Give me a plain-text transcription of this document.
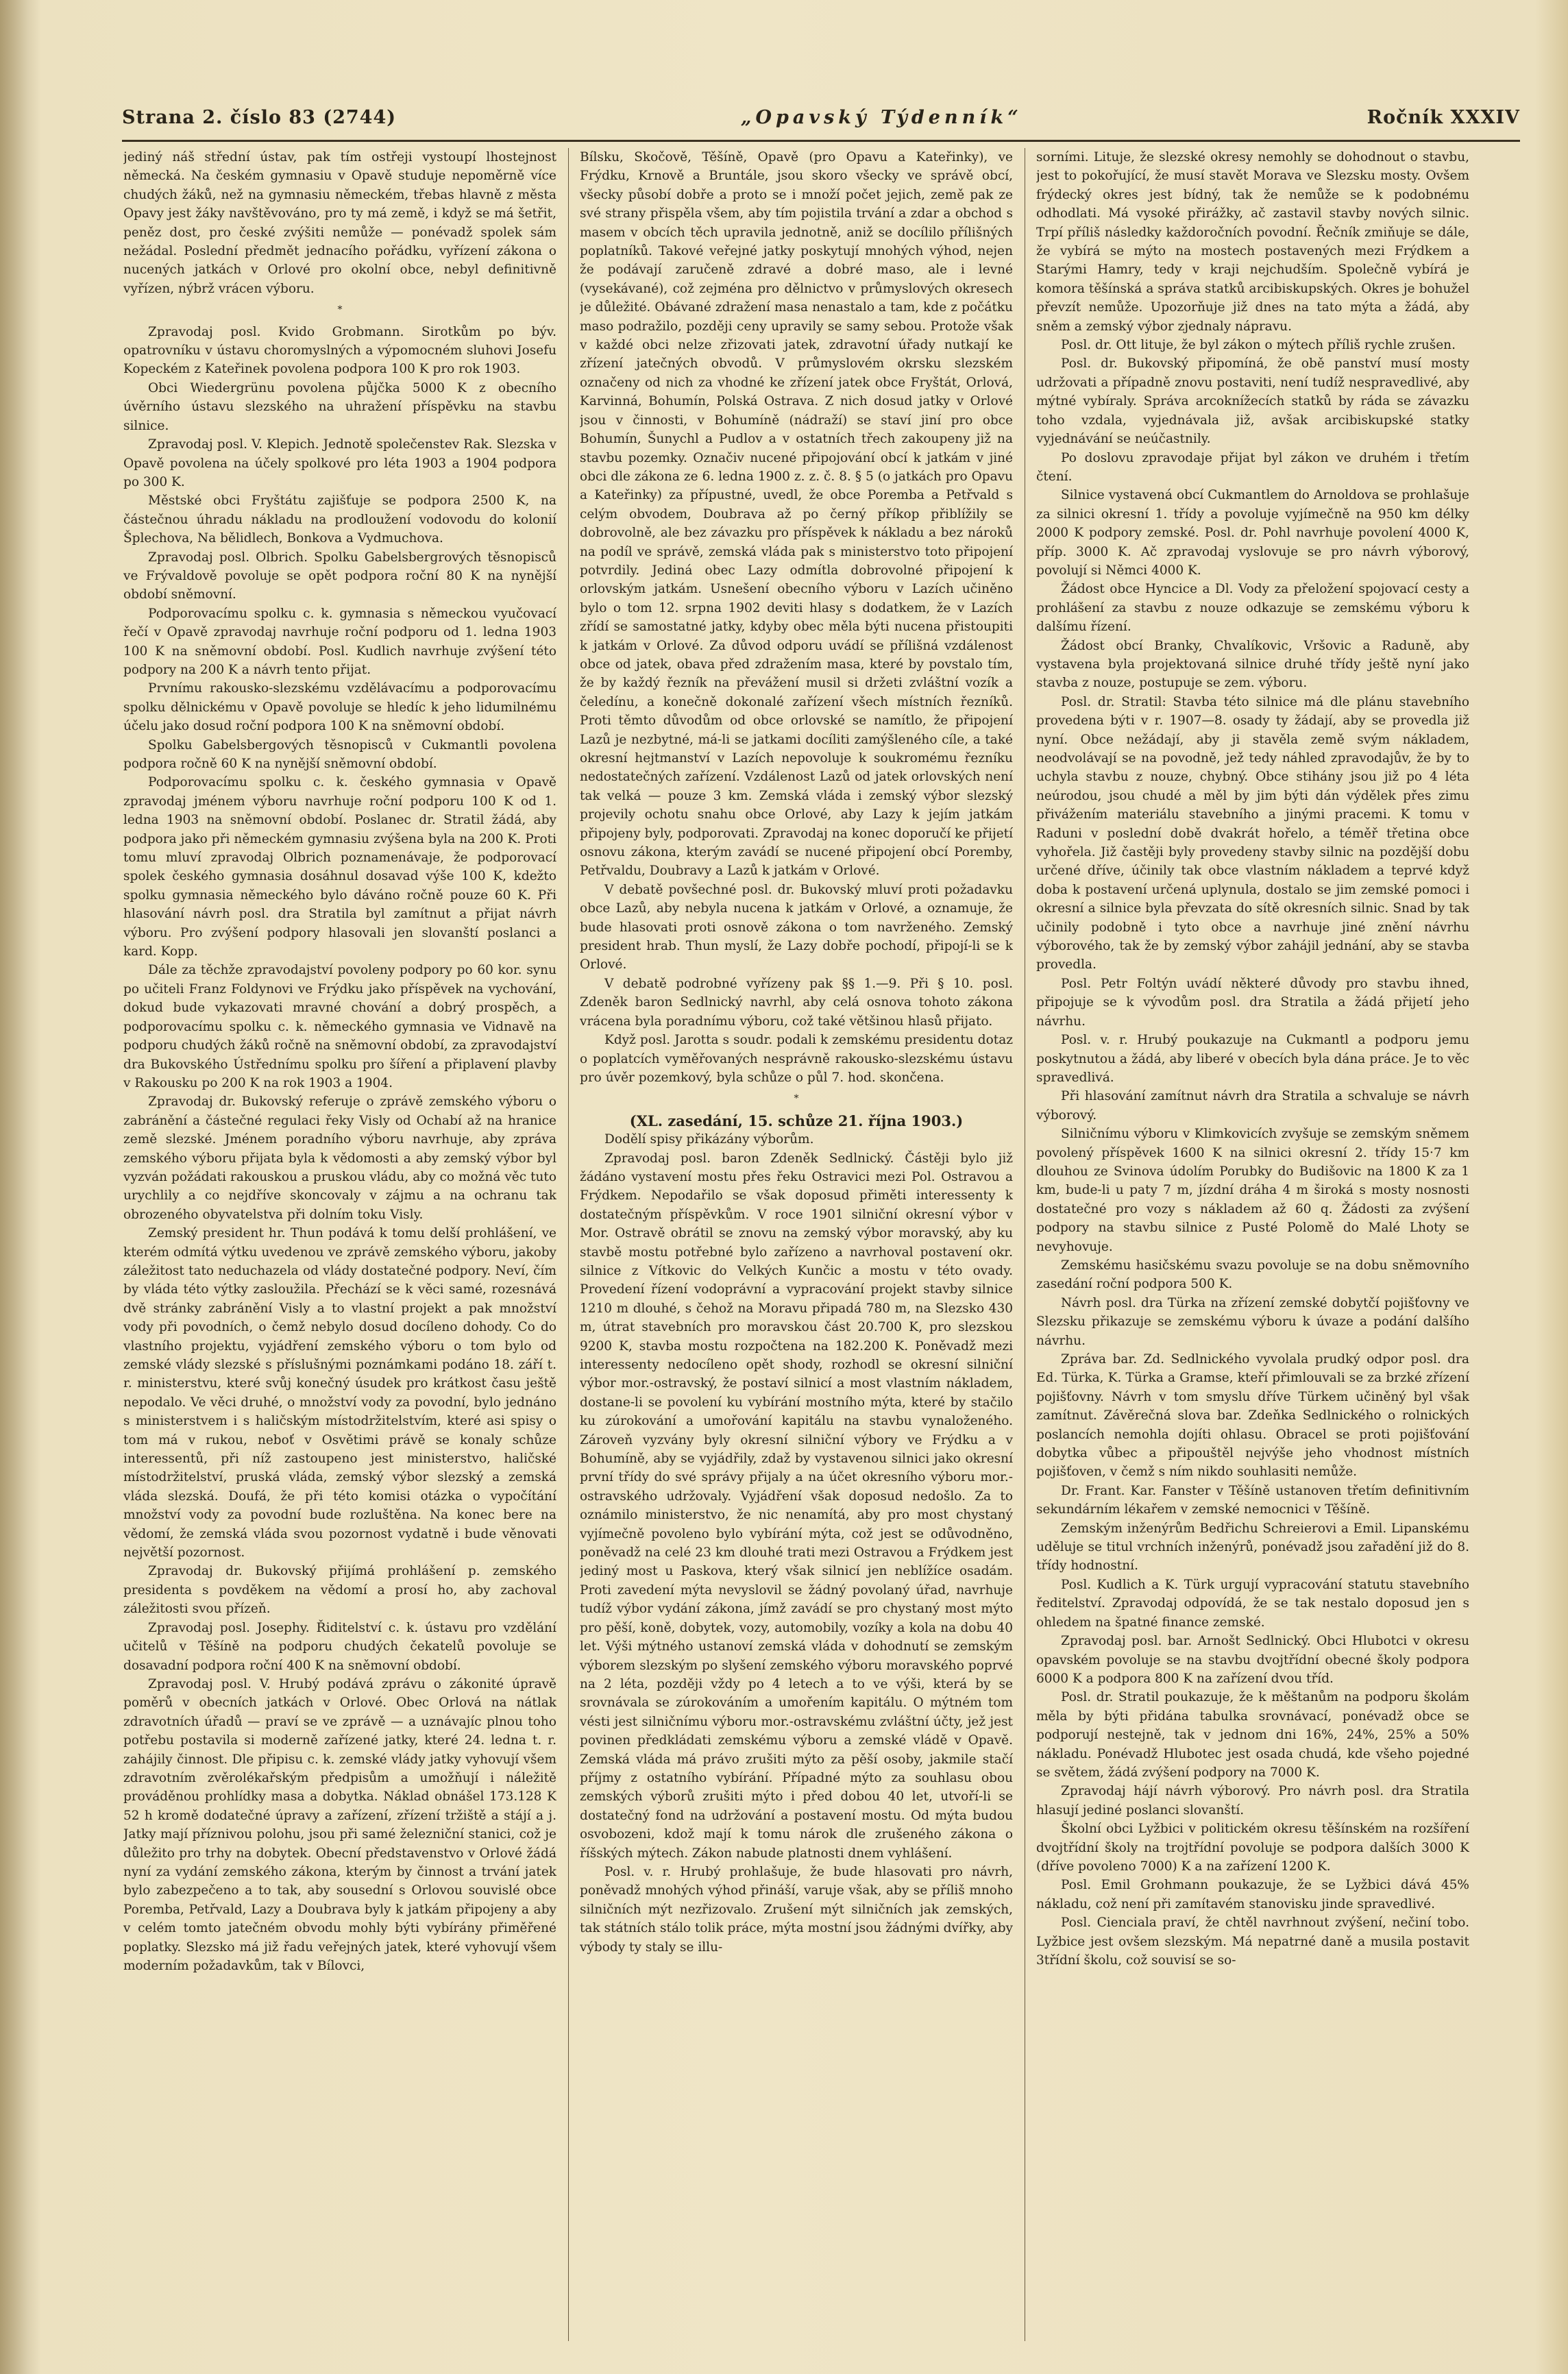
Strana 2. číslo 83 (2744)	„Opavský Týdenník“	Ročník XXXIV

jediný náš střední ústav, pak tím ostřeji vystoupí lhostejnost německá. Na českém gymnasiu v Opavě studuje nepoměrně více chudých žáků, než na gymnasiu německém, třebas hlavně z města Opavy jest žáky navštěvováno, pro ty má země, i když se má šetřit, peněz dost, pro české zvýšiti nemůže — ponévadž spolek sám nežádal. Poslední předmět jednacího pořádku, vyřízení zákona o nucených jatkách v Orlové pro okolní obce, nebyl definitivně vyřízen, nýbrž vrácen výboru.

*

Zpravodaj posl. Kvido Grobmann. Sirotkům po býv. opatrovníku v ústavu choromyslných a výpomocném sluhovi Josefu Kopeckém z Kateřinek povolena podpora 100 K pro rok 1903.

Obci Wiedergrünu povolena půjčka 5000 K z obecního úvěrního ústavu slezského na uhražení příspěvku na stavbu silnice.

Zpravodaj posl. V. Klepich. Jednotě společenstev Rak. Slezska v Opavě povolena na účely spolkové pro léta 1903 a 1904 podpora po 300 K.

Městské obci Fryštátu zajišťuje se podpora 2500 K, na částečnou úhradu nákladu na prodloužení vodovodu do kolonií Šplechova, Na bělidlech, Bonkova a Vydmuchova.

Zpravodaj posl. Olbrich. Spolku Gabelsbergrových těsnopisců ve Frývaldově povoluje se opět podpora roční 80 K na nynější období sněmovní.

Podporovacímu spolku c. k. gymnasia s německou vyučovací řečí v Opavě zpravodaj navrhuje roční podporu od 1. ledna 1903 100 K na sněmovní období. Posl. Kudlich navrhuje zvýšení této podpory na 200 K a návrh tento přijat.

Prvnímu rakousko-slezskému vzdělávacímu a podporovacímu spolku dělnickému v Opavě povoluje se hledíc k jeho lidumilnému účelu jako dosud roční podpora 100 K na sněmovní období.

Spolku Gabelsbergových těsnopisců v Cukmantli povolena podpora ročně 60 K na nynější sněmovní období.

Podporovacímu spolku c. k. českého gymnasia v Opavě zpravodaj jménem výboru navrhuje roční podporu 100 K od 1. ledna 1903 na sněmovní období. Poslanec dr. Stratil žádá, aby podpora jako při německém gymnasiu zvýšena byla na 200 K. Proti tomu mluví zpravodaj Olbrich poznamenávaje, že podporovací spolek českého gymnasia dosáhnul dosavad výše 100 K, kdežto spolku gymnasia německého bylo dáváno ročně pouze 60 K. Při hlasování návrh posl. dra Stratila byl zamítnut a přijat návrh výboru. Pro zvýšení podpory hlasovali jen slovanští poslanci a kard. Kopp.

Dále za těchže zpravodajství povoleny podpory po 60 kor. synu po učiteli Franz Foldynovi ve Frýdku jako příspěvek na vychování, dokud bude vykazovati mravné chování a dobrý prospěch, a podporovacímu spolku c. k. německého gymnasia ve Vidnavě na podporu chudých žáků ročně na sněmovní období, za zpravodajství dra Bukovského Ústřednímu spolku pro šíření a připlavení plavby v Rakousku po 200 K na rok 1903 a 1904.

Zpravodaj dr. Bukovský referuje o zprávě zemského výboru o zabránění a částečné regulaci řeky Visly od Ochabí až na hranice země slezské. Jménem poradního výboru navrhuje, aby zpráva zemského výboru přijata byla k vědomosti a aby zemský výbor byl vyzván požádati rakouskou a pruskou vládu, aby co možná věc tuto urychlily a co nejdříve skoncovaly v zájmu a na ochranu tak obrozeného obyvatelstva při dolním toku Visly.

Zemský president hr. Thun podává k tomu delší prohlášení, ve kterém odmítá výtku uvedenou ve zprávě zemského výboru, jakoby záležitost tato neduchazela od vlády dostatečné podpory. Neví, čím by vláda této výtky zasloužila. Přechází se k věci samé, rozesnává dvě stránky zabránění Visly a to vlastní projekt a pak množství vody při povodních, o čemž nebylo dosud docíleno dohody. Co do vlastního projektu, vyjádření zemského výboru o tom bylo od zemské vlády slezské s příslušnými poznámkami podáno 18. září t. r. ministerstvu, které svůj konečný úsudek pro krátkost času ještě nepodalo. Ve věci druhé, o množství vody za povodní, bylo jednáno s ministerstvem i s haličským místodržitelstvím, které asi spisy o tom má v rukou, neboť v Osvětimi právě se konaly schůze interessentů, při níž zastoupeno jest ministerstvo, haličské místodržitelství, pruská vláda, zemský výbor slezský a zemská vláda slezská. Doufá, že při této komisi otázka o vypočítání množství vody za povodní bude rozluštěna. Na konec bere na vědomí, že zemská vláda svou pozornost vydatně i bude věnovati největší pozornost.

Zpravodaj dr. Bukovský přijímá prohlášení p. zemského presidenta s povděkem na vědomí a prosí ho, aby zachoval záležitosti svou přízeň.

Zpravodaj posl. Josephy. Řiditelství c. k. ústavu pro vzdělání učitelů v Těšíně na podporu chudých čekatelů povoluje se dosavadní podpora roční 400 K na sněmovní období.

Zpravodaj posl. V. Hrubý podává zprávu o zákonité úpravě poměrů v obecních jatkách v Orlové. Obec Orlová na nátlak zdravotních úřadů — praví se ve zprávě — a uznávajíc plnou toho potřebu postavila si moderně zařízené jatky, které 24. ledna t. r. zahájily činnost. Dle připisu c. k. zemské vlády jatky vyhovují všem zdravotním zvěrolékařským předpisům a umožňují i náležitě prováděnou prohlídky masa a dobytka. Náklad obnášel 173.128 K 52 h kromě dodatečné úpravy a zařízení, zřízení tržiště a stájí a j. Jatky mají příznivou polohu, jsou při samé železniční stanici, což je důležito pro trhy na dobytek. Obecní představenstvo v Orlové žádá nyní za vydání zemského zákona, kterým by činnost a trvání jatek bylo zabezpečeno a to tak, aby sousední s Orlovou souvislé obce Poremba, Petřvald, Lazy a Doubrava byly k jatkám připojeny a aby v celém tomto jatečném obvodu mohly býti vybírány přiměřené poplatky. Slezsko má již řadu veřejných jatek, které vyhovují všem moderním požadavkům, tak v Bílovci,

Bílsku, Skočově, Těšíně, Opavě (pro Opavu a Kateřinky), ve Frýdku, Krnově a Bruntále, jsou skoro všecky ve správě obcí, všecky působí dobře a proto se i množí počet jejich, země pak ze své strany přispěla všem, aby tím pojistila trvání a zdar a obchod s masem v obcích těch upravila jednotně, aniž se docílilo přílišných poplatníků. Takové veřejné jatky poskytují mnohých výhod, nejen že podávají zaručeně zdravé a dobré maso, ale i levné (vysekávané), což zejména pro dělnictvo v průmyslových okresech je důležité. Obávané zdražení masa nenastalo a tam, kde z počátku maso podražilo, později ceny upravily se samy sebou. Protože však v každé obci nelze zřizovati jatek, zdravotní úřady nutkají ke zřízení jatečných obvodů. V průmyslovém okrsku slezském označeny od nich za vhodné ke zřízení jatek obce Fryštát, Orlová, Karvinná, Bohumín, Polská Ostrava. Z nich dosud jatky v Orlové jsou v činnosti, v Bohumíně (nádraží) se staví jiní pro obce Bohumín, Šunychl a Pudlov a v ostatních třech zakoupeny již na stavbu pozemky. Označiv nucené připojování obcí k jatkám v jiné obci dle zákona ze 6. ledna 1900 z. z. č. 8. § 5 (o jatkách pro Opavu a Kateřinky) za přípustné, uvedl, že obce Poremba a Petřvald s celým obvodem, Doubrava až po černý příkop přiblížily se dobrovolně, ale bez závazku pro příspěvek k nákladu a bez nároků na podíl ve správě, zemská vláda pak s ministerstvo toto připojení potvrdily. Jediná obec Lazy odmítla dobrovolné připojení k orlovským jatkám. Usnešení obecního výboru v Lazích učiněno bylo o tom 12. srpna 1902 deviti hlasy s dodatkem, že v Lazích zřídí se samostatné jatky, kdyby obec měla býti nucena přistoupiti k jatkám v Orlové. Za důvod odporu uvádí se přílišná vzdálenost obce od jatek, obava před zdražením masa, které by povstalo tím, že by každý řezník na převážení musil si držeti zvláštní vozík a čeledínu, a konečně dokonalé zařízení všech místních řezníků. Proti těmto důvodům od obce orlovské se namítlo, že připojení Lazů je nezbytné, má-li se jatkami docíliti zamýšleného cíle, a také okresní hejtmanství v Lazích nepovoluje k soukromému řezníku nedostatečných zařízení. Vzdálenost Lazů od jatek orlovských není tak velká — pouze 3 km. Zemská vláda i zemský výbor slezský projevily ochotu snahu obce Orlové, aby Lazy k jejím jatkám připojeny byly, podporovati. Zpravodaj na konec doporučí ke přijetí osnovu zákona, kterým zavádí se nucené připojení obcí Poremby, Petřvaldu, Doubravy a Lazů k jatkám v Orlové.

V debatě povšechné posl. dr. Bukovský mluví proti požadavku obce Lazů, aby nebyla nucena k jatkám v Orlové, a oznamuje, že bude hlasovati proti osnově zákona o tom navrženého. Zemský president hrab. Thun myslí, že Lazy dobře pochodí, připojí-li se k Orlové.

V debatě podrobné vyřízeny pak §§ 1.—9. Při § 10. posl. Zdeněk baron Sedlnický navrhl, aby celá osnova tohoto zákona vrácena byla poradnímu výboru, což také většinou hlasů přijato.

Když posl. Jarotta s soudr. podali k zemskému presidentu dotaz o poplatcích vyměřovaných nesprávně rakousko-slezskému ústavu pro úvěr pozemkový, byla schůze o půl 7. hod. skončena.

*

(XL. zasedání, 15. schůze 21. října 1903.)

Dodělí spisy přikázány výborům.

Zpravodaj posl. baron Zdeněk Sedlnický. Částěji bylo již žádáno vystavení mostu přes řeku Ostravici mezi Pol. Ostravou a Frýdkem. Nepodařilo se však doposud přiměti interessenty k dostatečným příspěvkům. V roce 1901 silniční okresní výbor v Mor. Ostravě obrátil se znovu na zemský výbor moravský, aby ku stavbě mostu potřebné bylo zařízeno a navrhoval postavení okr. silnice z Vítkovic do Velkých Kunčic a mostu v této ovady. Provedení řízení vodoprávní a vypracování projekt stavby silnice 1210 m dlouhé, s čehož na Moravu připadá 780 m, na Slezsko 430 m, útrat stavebních pro moravskou část 20.700 K, pro slezskou 9200 K, stavba mostu rozpočtena na 182.200 K. Poněvadž mezi interessenty nedocíleno opět shody, rozhodl se okresní silniční výbor mor.-ostravský, že postaví silnicí a most vlastním nákladem, dostane-li se povolení ku vybírání mostního mýta, které by stačilo ku zúrokování a umořování kapitálu na stavbu vynaloženého. Zároveň vyzvány byly okresní silniční výbory ve Frýdku a v Bohumíně, aby se vyjádřily, zdaž by vystavenou silnici jako okresní první třídy do své správy přijaly a na účet okresního výboru mor.-ostravského udržovaly. Vyjádření však doposud nedošlo. Za to oznámilo ministerstvo, že nic nenamítá, aby pro most chystaný vyjímečně povoleno bylo vybírání mýta, což jest se odůvodněno, poněvadž na celé 23 km dlouhé trati mezi Ostravou a Frýdkem jest jediný most u Paskova, který však silnicí jen neblížíce osadám. Proti zavedení mýta nevyslovil se žádný povolaný úřad, navrhuje tudíž výbor vydání zákona, jímž zavádí se pro chystaný most mýto pro pěší, koně, dobytek, vozy, automobily, vozíky a kola na dobu 40 let. Výši mýtného ustanoví zemská vláda v dohodnutí se zemským výborem slezským po slyšení zemského výboru moravského poprvé na 2 léta, později vždy po 4 letech a to ve výši, která by se srovnávala se zúrokováním a umořením kapitálu. O mýtném tom vésti jest silničnímu výboru mor.-ostravskému zvláštní účty, jež jest povinen předkládati zemskému výboru a zemské vládě v Opavě. Zemská vláda má právo zrušiti mýto za pěší osoby, jakmile stačí příjmy z ostatního vybírání. Případné mýto za souhlasu obou zemských výborů zrušiti mýto i před dobou 40 let, utvoří-li se dostatečný fond na udržování a postavení mostu. Od mýta budou osvobozeni, kdož mají k tomu nárok dle zrušeného zákona o říšských mýtech. Zákon nabude platnosti dnem vyhlášení.

Posl. v. r. Hrubý prohlašuje, že bude hlasovati pro návrh, poněvadž mnohých výhod přináší, varuje však, aby se příliš mnoho silničních mýt nezřizovalo. Zrušení mýt silničních jak zemských, tak státních stálo tolik práce, mýta mostní jsou žádnými dvířky, aby výbody ty staly se illu-

sorními. Lituje, že slezské okresy nemohly se dohodnout o stavbu, jest to pokořující, že musí stavět Morava ve Slezsku mosty. Ovšem frýdecký okres jest bídný, tak že nemůže se k podobnému odhodlati. Má vysoké přirážky, ač zastavil stavby nových silnic. Trpí příliš následky každoročních povodní. Řečník zmiňuje se dále, že vybírá se mýto na mostech postavených mezi Frýdkem a Starými Hamry, tedy v kraji nejchudším. Společně vybírá je komora těšínská a správa statků arcibiskupských. Okres je bohužel převzít nemůže. Upozorňuje již dnes na tato mýta a žádá, aby sněm a zemský výbor zjednaly nápravu.

Posl. dr. Ott lituje, že byl zákon o mýtech příliš rychle zrušen.

Posl. dr. Bukovský připomíná, že obě panství musí mosty udržovati a případně znovu postaviti, není tudíž nespravedlivé, aby mýtné vybíraly. Správa arcoknížecích statků by ráda se závazku toho vzdala, vyjednávala již, avšak arcibiskupské statky vyjednávání se neúčastnily.

Po doslovu zpravodaje přijat byl zákon ve druhém i třetím čtení.

Silnice vystavená obcí Cukmantlem do Arnoldova se prohlašuje za silnici okresní 1. třídy a povoluje vyjímečně na 950 km délky 2000 K podpory zemské. Posl. dr. Pohl navrhuje povolení 4000 K, příp. 3000 K. Ač zpravodaj vyslovuje se pro návrh výborový, povolují si Němci 4000 K.

Žádost obce Hyncice a Dl. Vody za přeložení spojovací cesty a prohlášení za stavbu z nouze odkazuje se zemskému výboru k dalšímu řízení.

Žádost obcí Branky, Chvalíkovic, Vršovic a Raduně, aby vystavena byla projektovaná silnice druhé třídy ještě nyní jako stavba z nouze, postupuje se zem. výboru.

Posl. dr. Stratil: Stavba této silnice má dle plánu stavebního provedena býti v r. 1907—8. osady ty žádají, aby se provedla již nyní. Obce nežádají, aby ji stavěla země svým nákladem, neodvolávají se na povodně, jež tedy náhled zpravodajův, že by to uchyla stavbu z nouze, chybný. Obce stihány jsou již po 4 léta neúrodou, jsou chudé a měl by jim býti dán výdělek přes zimu přivážením materiálu stavebního a jinými pracemi. K tomu v Raduni v poslední době dvakrát hořelo, a téměř třetina obce vyhořela. Již častěji byly provedeny stavby silnic na pozdější dobu určené dříve, účinily tak obce vlastním nákladem a teprvé když doba k postavení určená uplynula, dostalo se jim zemské pomoci i okresní a silnice byla převzata do sítě okresních silnic. Snad by tak učinily podobně i tyto obce a navrhuje jiné znění návrhu výborového, tak že by zemský výbor zahájil jednání, aby se stavba provedla.

Posl. Petr Foltýn uvádí některé důvody pro stavbu ihned, připojuje se k vývodům posl. dra Stratila a žádá přijetí jeho návrhu.

Posl. v. r. Hrubý poukazuje na Cukmantl a podporu jemu poskytnutou a žádá, aby liberé v obecích byla dána práce. Je to věc spravedlivá.

Při hlasování zamítnut návrh dra Stratila a schvaluje se návrh výborový.

Silničnímu výboru v Klimkovicích zvyšuje se zemským sněmem povolený příspěvek 1600 K na silnici okresní 2. třídy 15·7 km dlouhou ze Svinova údolím Porubky do Budišovic na 1800 K za 1 km, bude-li u paty 7 m, jízdní dráha 4 m široká s mosty nosnosti dostatečné pro vozy s nákladem až 60 q. Žádosti za zvýšení podpory na stavbu silnice z Pusté Polomě do Malé Lhoty se nevyhovuje.

Zemskému hasičskému svazu povoluje se na dobu sněmovního zasedání roční podpora 500 K.

Návrh posl. dra Türka na zřízení zemské dobytčí pojišťovny ve Slezsku přikazuje se zemskému výboru k úvaze a podání dalšího návrhu.

Zpráva bar. Zd. Sedlnického vyvolala prudký odpor posl. dra Ed. Türka, K. Türka a Gramse, kteří přimlouvali se za brzké zřízení pojišťovny. Návrh v tom smyslu dříve Türkem učiněný byl však zamítnut. Závěrečná slova bar. Zdeňka Sedlnického o rolnických poslancích nemohla dojíti ohlasu. Obracel se proti pojišťování dobytka vůbec a připouštěl nejvýše jeho vhodnost místních pojišťoven, v čemž s ním nikdo souhlasiti nemůže.

Dr. Frant. Kar. Fanster v Těšíně ustanoven třetím definitivním sekundárním lékařem v zemské nemocnici v Těšíně.

Zemským inženýrům Bedřichu Schreierovi a Emil. Lipanskému uděluje se titul vrchních inženýrů, ponévadž jsou zařadění již do 8. třídy hodnostní.

Posl. Kudlich a K. Türk urgují vypracování statutu stavebního ředitelství. Zpravodaj odpovídá, že se tak nestalo doposud jen s ohledem na špatné finance zemské.

Zpravodaj posl. bar. Arnošt Sedlnický. Obci Hlubotci v okresu opavském povoluje se na stavbu dvojtřídní obecné školy podpora 6000 K a podpora 800 K na zařízení dvou tříd.

Posl. dr. Stratil poukazuje, že k měštanům na podporu školám měla by býti přidána tabulka srovnávací, ponévadž obce se podporují nestejně, tak v jednom dni 16%, 24%, 25% a 50% nákladu. Ponévadž Hlubotec jest osada chudá, kde všeho pojedné se světem, žádá zvýšení podpory na 7000 K.

Zpravodaj hájí návrh výborový. Pro návrh posl. dra Stratila hlasují jediné poslanci slovanští.

Školní obci Lyžbici v politickém okresu těšínském na rozšíření dvojtřídní školy na trojtřídní povoluje se podpora dalších 3000 K (dříve povoleno 7000) K a na zařízení 1200 K.

Posl. Emil Grohmann poukazuje, že se Lyžbici dává 45% nákladu, což není při zamítavém stanovisku jinde spravedlivé.

Posl. Cienciala praví, že chtěl navrhnout zvýšení, nečiní tobo. Lyžbice jest ovšem slezským. Má nepatrné daně a musila postavit 3třídní školu, což souvisí se so-
